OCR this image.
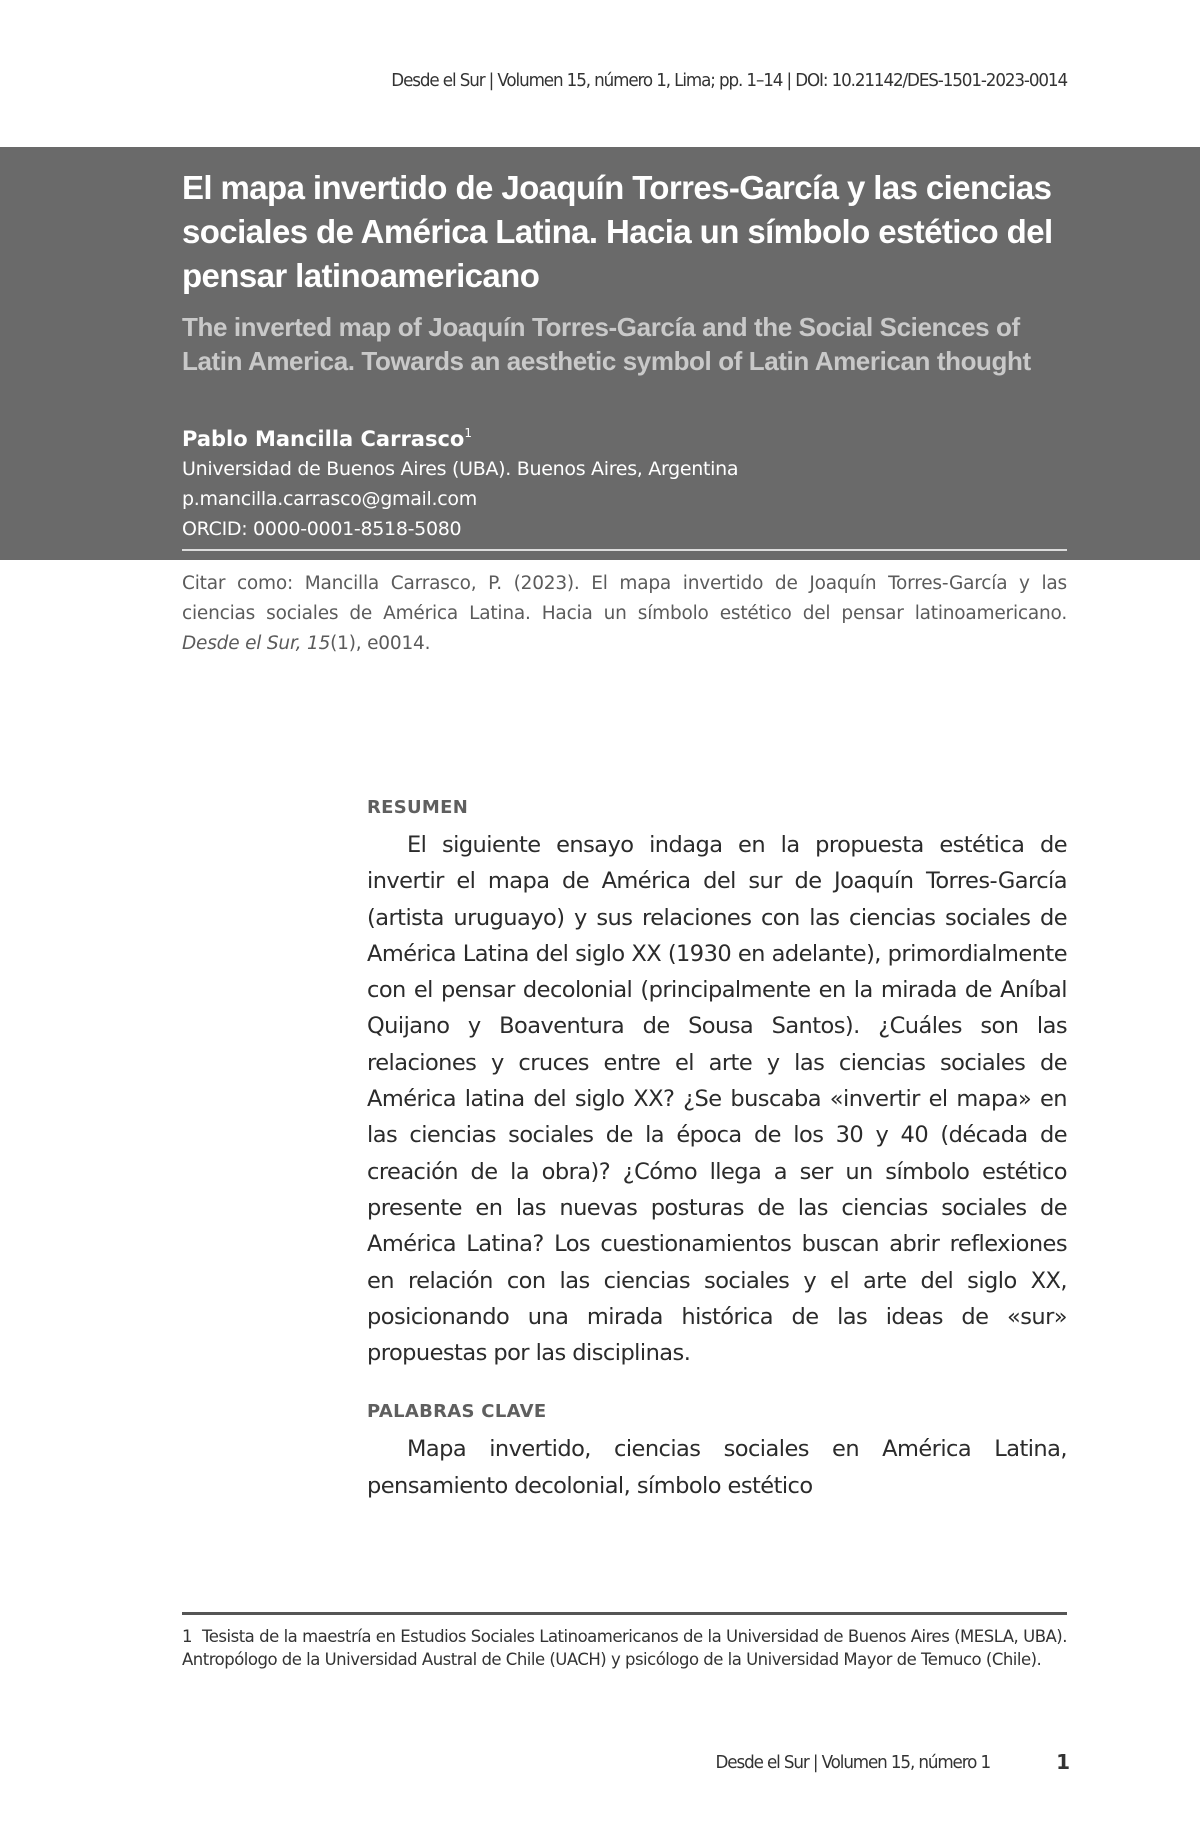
Desde el Sur | Volumen 15, número 1, Lima; pp. 1–14 | DOI: 10.21142/DES-1501-2023-0014
El mapa invertido de Joaquín Torres-García y las ciencias sociales de América Latina. Hacia un símbolo estético del pensar latinoamericano
The inverted map of Joaquín Torres-García and the Social Sciences of Latin America. Towards an aesthetic symbol of Latin American thought
Pablo Mancilla Carrasco$^1$
Universidad de Buenos Aires (UBA). Buenos Aires, Argentina
p.mancilla.carrasco@gmail.com
ORCID: 0000-0001-8518-5080

Citar como: Mancilla Carrasco, P. (2023). El mapa invertido de Joaquín Torres-García y las ciencias sociales de América Latina. Hacia un símbolo estético del pensar latinoamericano. Desde el Sur, 15(1), e0014.

RESUMEN

El siguiente ensayo indaga en la propuesta estética de invertir el mapa de América del sur de Joaquín Torres-García (artista uruguayo) y sus relaciones con las ciencias sociales de América Latina del siglo XX (1930 en adelante), primordialmente con el pensar decolonial (principalmente en la mirada de Aníbal Quijano y Boaventura de Sousa Santos). ¿Cuáles son las relaciones y cruces entre el arte y las ciencias sociales de América latina del siglo XX? ¿Se buscaba «invertir el mapa» en las ciencias sociales de la época de los 30 y 40 (década de creación de la obra)? ¿Cómo llega a ser un símbolo estético presente en las nuevas posturas de las ciencias sociales de América Latina? Los cuestionamientos buscan abrir reflexiones en relación con las ciencias sociales y el arte del siglo XX, posicionando una mirada histórica de las ideas de «sur» propuestas por las disciplinas.

PALABRAS CLAVE

Mapa invertido, ciencias sociales en América Latina, pensamiento decolonial, símbolo estético

1 Tesista de la maestría en Estudios Sociales Latinoamericanos de la Universidad de Buenos Aires (MESLA, UBA). Antropólogo de la Universidad Austral de Chile (UACH) y psicólogo de la Universidad Mayor de Temuco (Chile).

Desde el Sur | Volumen 15, número 1	1
